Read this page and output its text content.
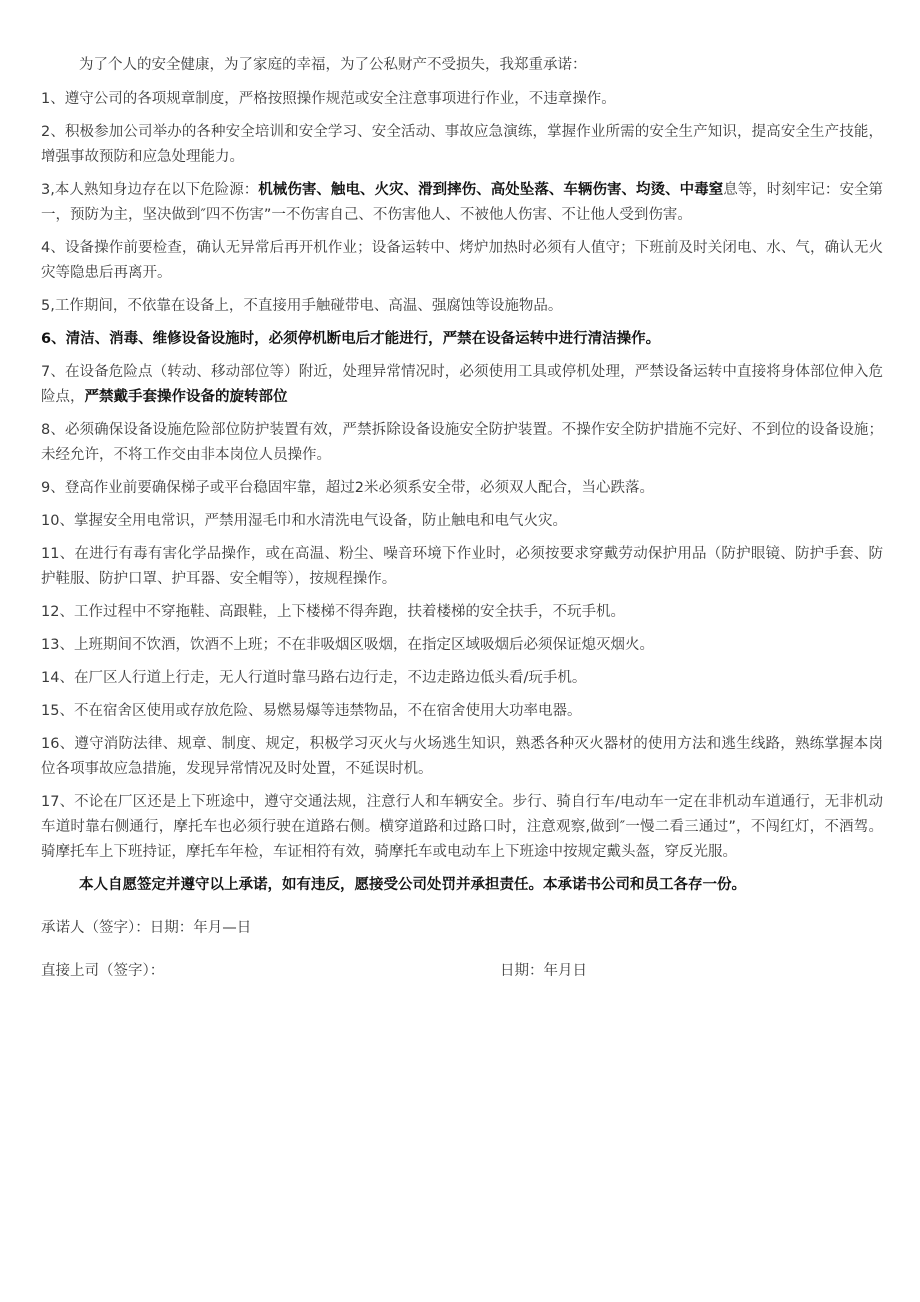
为了个人的安全健康，为了家庭的幸福，为了公私财产不受损失，我郑重承诺：

1、遵守公司的各项规章制度，严格按照操作规范或安全注意事项进行作业，不违章操作。

2、积极参加公司举办的各种安全培训和安全学习、安全活动、事故应急演练，掌握作业所需的安全生产知识，提高安全生产技能，增强事故预防和应急处理能力。

3,本人熟知身边存在以下危险源：机械伤害、触电、火灾、滑到摔伤、高处坠落、车辆伤害、均烫、中毒窒息等，时刻牢记：安全第一，预防为主，坚决做到″四不伤害”一不伤害自己、不伤害他人、不被他人伤害、不让他人受到伤害。

4、设备操作前要检查，确认无异常后再开机作业；设备运转中、烤炉加热时必须有人值守；下班前及时关闭电、水、气，确认无火灾等隐患后再离开。

5,工作期间，不依靠在设备上，不直接用手触碰带电、高温、强腐蚀等设施物品。

6、清洁、消毒、维修设备设施时，必须停机断电后才能进行，严禁在设备运转中进行清洁操作。

7、在设备危险点（转动、移动部位等）附近，处理异常情况时，必须使用工具或停机处理，严禁设备运转中直接将身体部位伸入危险点，严禁戴手套操作设备的旋转部位

8、必须确保设备设施危险部位防护装置有效，严禁拆除设备设施安全防护装置。不操作安全防护措施不完好、不到位的设备设施；未经允许，不将工作交由非本岗位人员操作。

9、登高作业前要确保梯子或平台稳固牢靠，超过2米必须系安全带，必须双人配合，当心跌落。

10、掌握安全用电常识，严禁用湿毛巾和水清洗电气设备，防止触电和电气火灾。

11、在进行有毒有害化学品操作，或在高温、粉尘、噪音环境下作业时，必须按要求穿戴劳动保护用品（防护眼镜、防护手套、防护鞋服、防护口罩、护耳器、安全帽等），按规程操作。

12、工作过程中不穿拖鞋、高跟鞋，上下楼梯不得奔跑，扶着楼梯的安全扶手，不玩手机。

13、上班期间不饮酒，饮酒不上班；不在非吸烟区吸烟，在指定区域吸烟后必须保证熄灭烟火。

14、在厂区人行道上行走，无人行道时靠马路右边行走，不边走路边低头看/玩手机。

15、不在宿舍区使用或存放危险、易燃易爆等违禁物品，不在宿舍使用大功率电器。

16、遵守消防法律、规章、制度、规定，积极学习灭火与火场逃生知识，熟悉各种灭火器材的使用方法和逃生线路，熟练掌握本岗位各项事故应急措施，发现异常情况及时处置，不延误时机。

17、不论在厂区还是上下班途中，遵守交通法规，注意行人和车辆安全。步行、骑自行车/电动车一定在非机动车道通行，无非机动车道时靠右侧通行，摩托车也必须行驶在道路右侧。横穿道路和过路口时，注意观察,做到″一慢二看三通过”，不闯红灯，不酒驾。骑摩托车上下班持证，摩托车年检，车证相符有效，骑摩托车或电动车上下班途中按规定戴头盔，穿反光服。

本人自愿签定并遵守以上承诺，如有违反，愿接受公司处罚并承担责任。本承诺书公司和员工各存一份。

承诺人（签字）：日期：年月—日
直接上司（签字）：	日期：年月日
